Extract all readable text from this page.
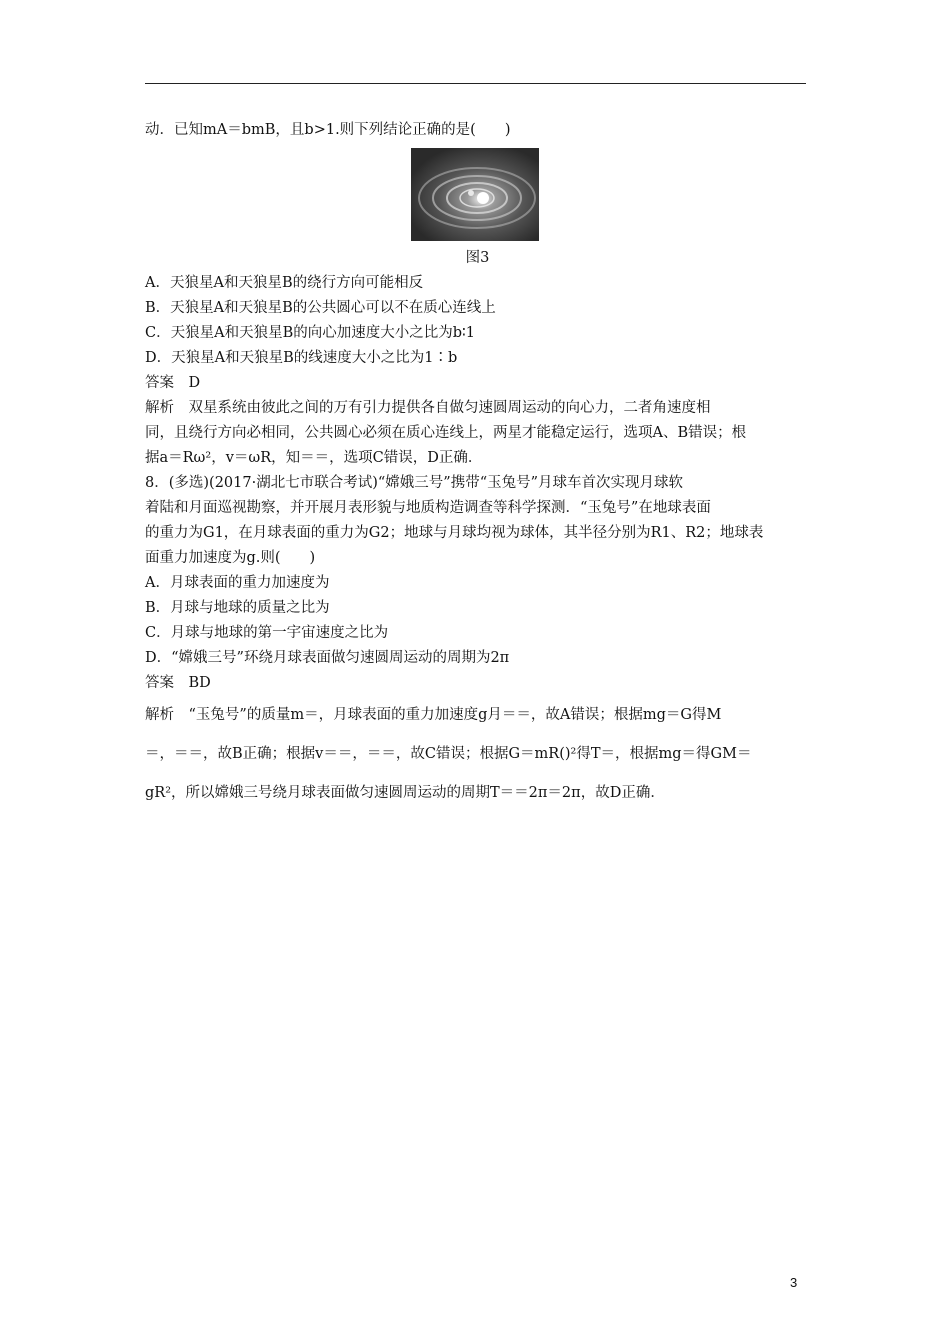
动．已知mA＝bmB，且b>1.则下列结论正确的是(　　)
图3
A．天狼星A和天狼星B的绕行方向可能相反
B．天狼星A和天狼星B的公共圆心可以不在质心连线上
C．天狼星A和天狼星B的向心加速度大小之比为b∶1
D．天狼星A和天狼星B的线速度大小之比为1∶b
答案　D
解析　双星系统由彼此之间的万有引力提供各自做匀速圆周运动的向心力，二者角速度相
同，且绕行方向必相同，公共圆心必须在质心连线上，两星才能稳定运行，选项A、B错误；根
据a＝Rω²，v＝ωR，知＝＝，选项C错误，D正确．
8．(多选)(2017·湖北七市联合考试)“嫦娥三号”携带“玉兔号”月球车首次实现月球软
着陆和月面巡视勘察，并开展月表形貌与地质构造调查等科学探测．“玉兔号”在地球表面
的重力为G1，在月球表面的重力为G2；地球与月球均视为球体，其半径分别为R1、R2；地球表
面重力加速度为g.则(　　)
A．月球表面的重力加速度为
B．月球与地球的质量之比为
C．月球与地球的第一宇宙速度之比为
D．“嫦娥三号”环绕月球表面做匀速圆周运动的周期为2π
答案　BD
解析　“玉兔号”的质量m＝，月球表面的重力加速度g月＝＝，故A错误；根据mg＝G得M
＝，＝＝，故B正确；根据v＝＝，＝＝，故C错误；根据G＝mR()²得T＝，根据mg＝得GM＝
gR²，所以嫦娥三号绕月球表面做匀速圆周运动的周期T＝＝2π＝2π，故D正确．
3
